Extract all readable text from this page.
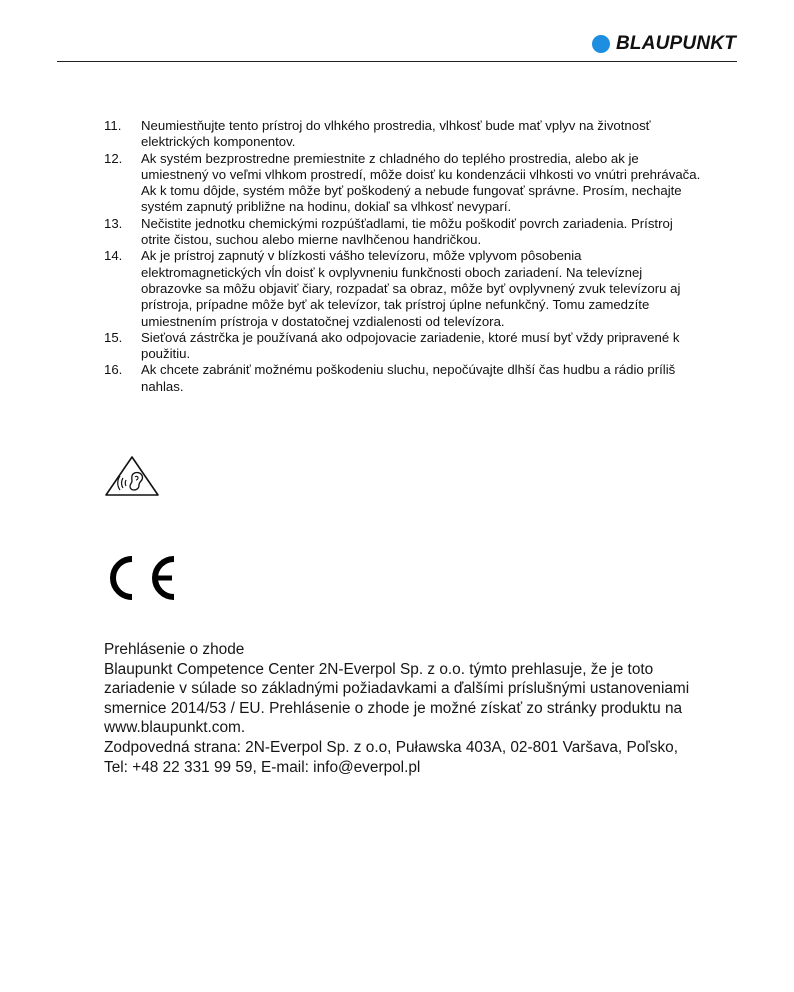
BLAUPUNKT
11.	Neumiestňujte tento prístroj do vlhkého prostredia, vlhkosť bude mať vplyv na životnosť elektrických komponentov.
12.	Ak systém bezprostredne premiestnite z chladného do teplého prostredia, alebo ak je umiestnený vo veľmi vlhkom prostredí, môže doisť ku kondenzácii vlhkosti vo vnútri prehrávača. Ak k tomu dôjde, systém môže byť poškodený a nebude fungovať správne. Prosím, nechajte systém zapnutý približne na hodinu, dokiaľ sa vlhkosť nevyparí.
13.	Nečistite jednotku chemickými rozpúšťadlami, tie môžu poškodiť povrch zariadenia. Prístroj otrite čistou, suchou alebo mierne navlhčenou handričkou.
14.	Ak je prístroj zapnutý v blízkosti vášho televízoru, môže vplyvom pôsobenia elektromagnetických vĺn doisť k ovplyvneniu funkčnosti oboch zariadení. Na televíznej obrazovke sa môžu objaviť čiary, rozpadať sa obraz, môže byť ovplyvnený zvuk televízoru aj prístroja, prípadne môže byť ak televízor, tak prístroj úplne nefunkčný. Tomu zamedzíte umiestnením prístroja v dostatočnej vzdialenosti od televízora.
15.	Sieťová zástrčka je používaná ako odpojovacie zariadenie, ktoré musí byť vždy pripravené k použitiu.
16.	Ak chcete zabrániť možnému poškodeniu sluchu, nepočúvajte dlhší čas hudbu a rádio príliš nahlas.

Prehlásenie o zhode

Blaupunkt Competence Center 2N-Everpol Sp. z o.o. týmto prehlasuje, že je toto zariadenie v súlade so základnými požiadavkami a ďalšími príslušnými ustanoveniami smernice 2014/53 / EU. Prehlásenie o zhode je možné získať zo stránky produktu na www.blaupunkt.com.

Zodpovedná strana: 2N-Everpol Sp. z o.o, Puławska 403A, 02-801 Varšava, Poľsko,

Tel: +48 22 331 99 59, E-mail: info@everpol.pl
